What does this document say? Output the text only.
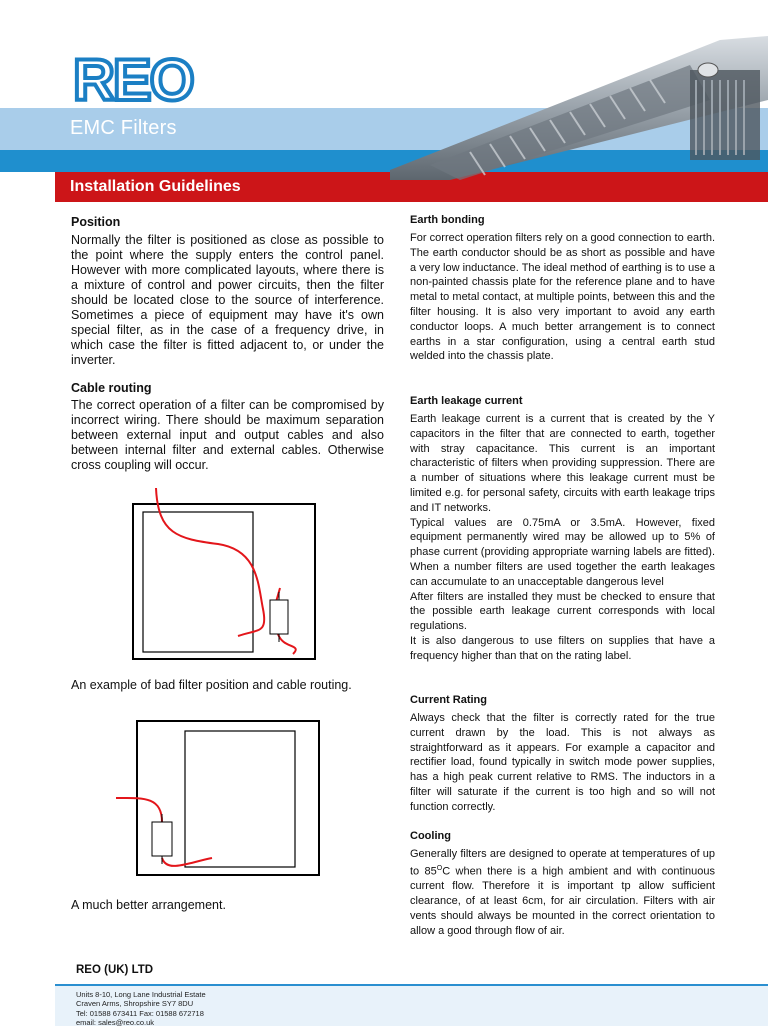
REO
EMC Filters
Installation Guidelines
Position
Normally the filter is positioned as close as possible to the point where the supply enters the control panel. However with more complicated layouts, where there is a mixture of control and power circuits, then the filter should be located close to the source of interference. Sometimes a piece of equipment may have it's own special filter, as in the case of a frequency drive, in which case the filter is fitted adjacent to, or under the inverter.
Cable routing
The correct operation of a filter can be compromised by incorrect wiring. There should be maximum separation between external input and output cables and also between internal filter and external cables. Otherwise cross coupling will occur.
An example of bad filter position and cable routing.
A much better arrangement.
Earth bonding
For correct operation filters rely on a good connection to earth. The earth conductor should be as short as possible and have a very low inductance. The ideal method of earthing is to use a non-painted chassis plate for the reference plane and to have metal to metal contact, at multiple points, between this and the filter housing. It is also very important to avoid any earth conductor loops. A much better arrangement is to connect earths in a star configuration, using a central earth stud welded into the chassis plate.
Earth leakage current
Earth leakage current is a current that is created by the Y capacitors in the filter that are connected to earth, together with stray capacitance. This current is an important characteristic of filters when providing suppression. There are a number of situations where this leakage current must be limited e.g. for personal safety, circuits with earth leakage trips and IT networks.
Typical values are 0.75mA or 3.5mA. However, fixed equipment permanently wired may be allowed up to 5% of phase current (providing appropriate warning labels are fitted). When a number filters are used together the earth leakages can accumulate to an unacceptable dangerous level
After filters are installed they must be checked to ensure that the possible earth leakage current corresponds with local regulations.
It is also dangerous to use filters on supplies that have a frequency higher than that on the rating label.
Current Rating
Always check that the filter is correctly rated for the true current drawn by the load. This is not always as straightforward as it appears. For example a capacitor and rectifier load, found typically in switch mode power supplies, has a high peak current relative to RMS. The inductors in a filter will saturate if the current is too high and so will not function correctly.
Cooling
Generally filters are designed to operate at temperatures of up to $85^OC$ when there is a high ambient and with continuous current flow. Therefore it is important tp allow sufficient clearance, of at least 6cm, for air circulation. Filters with air vents should always be mounted in the correct orientation to allow a good through flow of air.
REO (UK) LTD
Units 8-10, Long Lane Industrial Estate
Craven Arms, Shropshire SY7 8DU
Tel: 01588 673411 Fax: 01588 672718
email: sales@reo.co.uk
